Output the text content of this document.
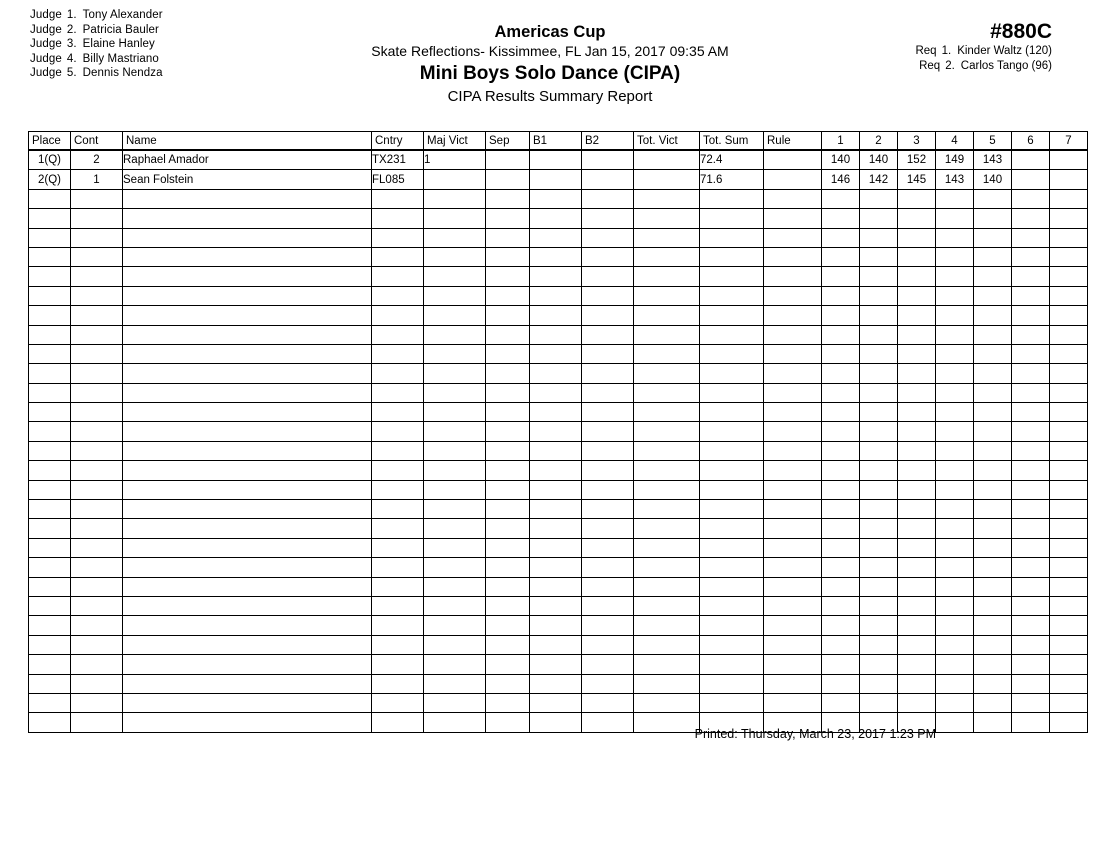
Judge 1. Tony Alexander
Judge 2. Patricia Bauler
Judge 3. Elaine Hanley
Judge 4. Billy Mastriano
Judge 5. Dennis Nendza
Americas Cup
Skate Reflections- Kissimmee, FL Jan 15, 2017 09:35 AM
Mini Boys Solo Dance (CIPA)
CIPA Results Summary Report
#880C
Req 1. Kinder Waltz (120)
Req 2. Carlos Tango (96)
Place	Cont	Name	Cntry	Maj Vict	Sep	B1	B2	Tot. Vict	Tot. Sum	Rule	1	2	3	4	5	6	7
1(Q)	2	Raphael Amador	TX231	1					72.4		140	140	152	149	143		
2(Q)	1	Sean Folstein	FL085						71.6		146	142	145	143	140		

Printed: Thursday, March 23, 2017 1:23 PM
